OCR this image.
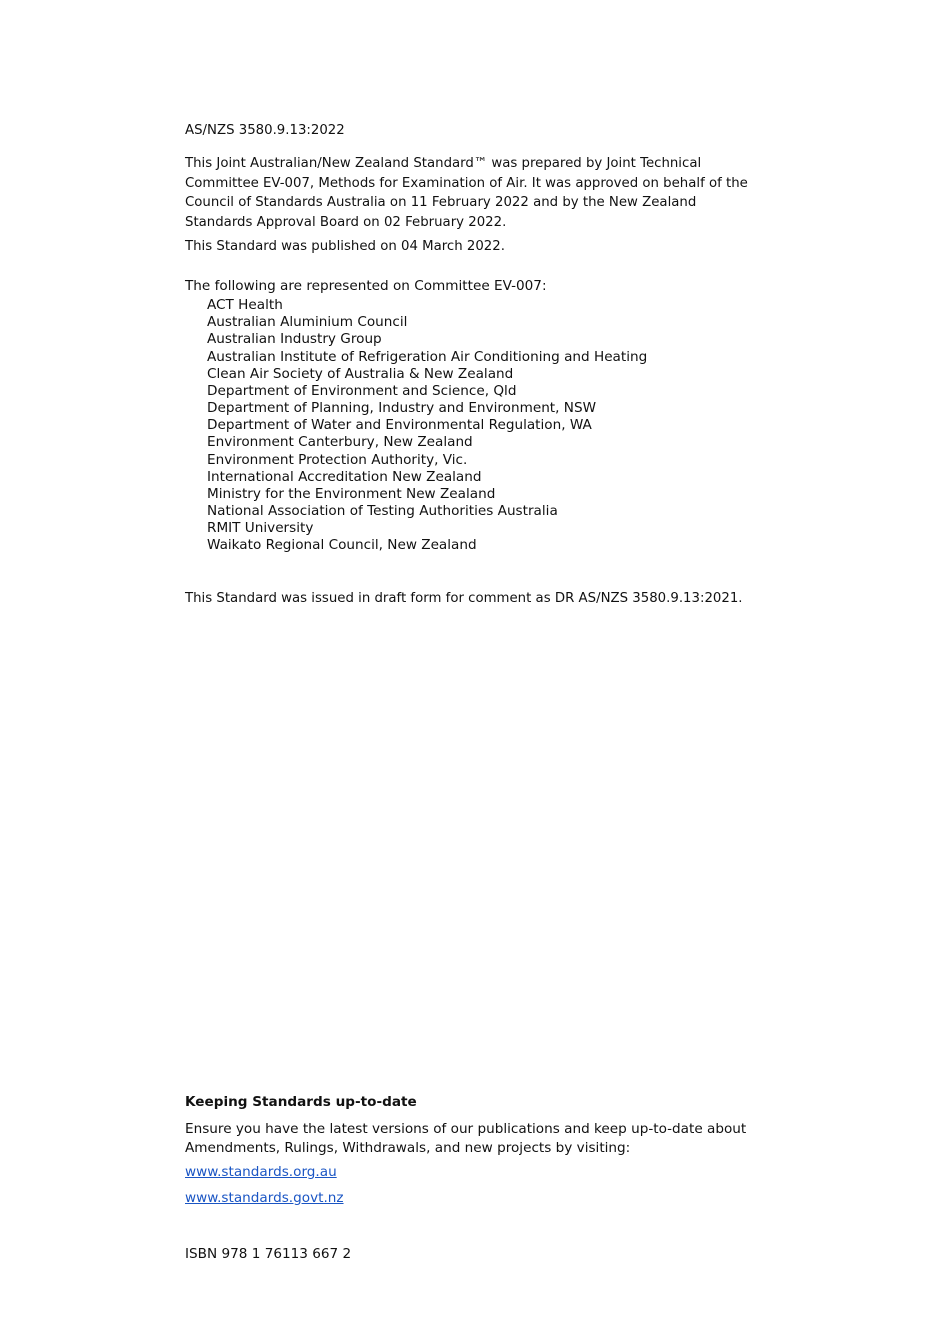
AS/NZS 3580.9.13:2022

This Joint Australian/New Zealand Standard™ was prepared by Joint Technical Committee EV-007, Methods for Examination of Air. It was approved on behalf of the Council of Standards Australia on 11 February 2022 and by the New Zealand Standards Approval Board on 02 February 2022.

This Standard was published on 04 March 2022.
The following are represented on Committee EV-007:
ACT Health
Australian Aluminium Council
Australian Industry Group
Australian Institute of Refrigeration Air Conditioning and Heating
Clean Air Society of Australia & New Zealand
Department of Environment and Science, Qld
Department of Planning, Industry and Environment, NSW
Department of Water and Environmental Regulation, WA
Environment Canterbury, New Zealand
Environment Protection Authority, Vic.
International Accreditation New Zealand
Ministry for the Environment New Zealand
National Association of Testing Authorities Australia
RMIT University
Waikato Regional Council, New Zealand
This Standard was issued in draft form for comment as DR AS/NZS 3580.9.13:2021.
Keeping Standards up-to-date

Ensure you have the latest versions of our publications and keep up-to-date about Amendments, Rulings, Withdrawals, and new projects by visiting:

www.standards.org.au
www.standards.govt.nz
ISBN 978 1 76113 667 2
